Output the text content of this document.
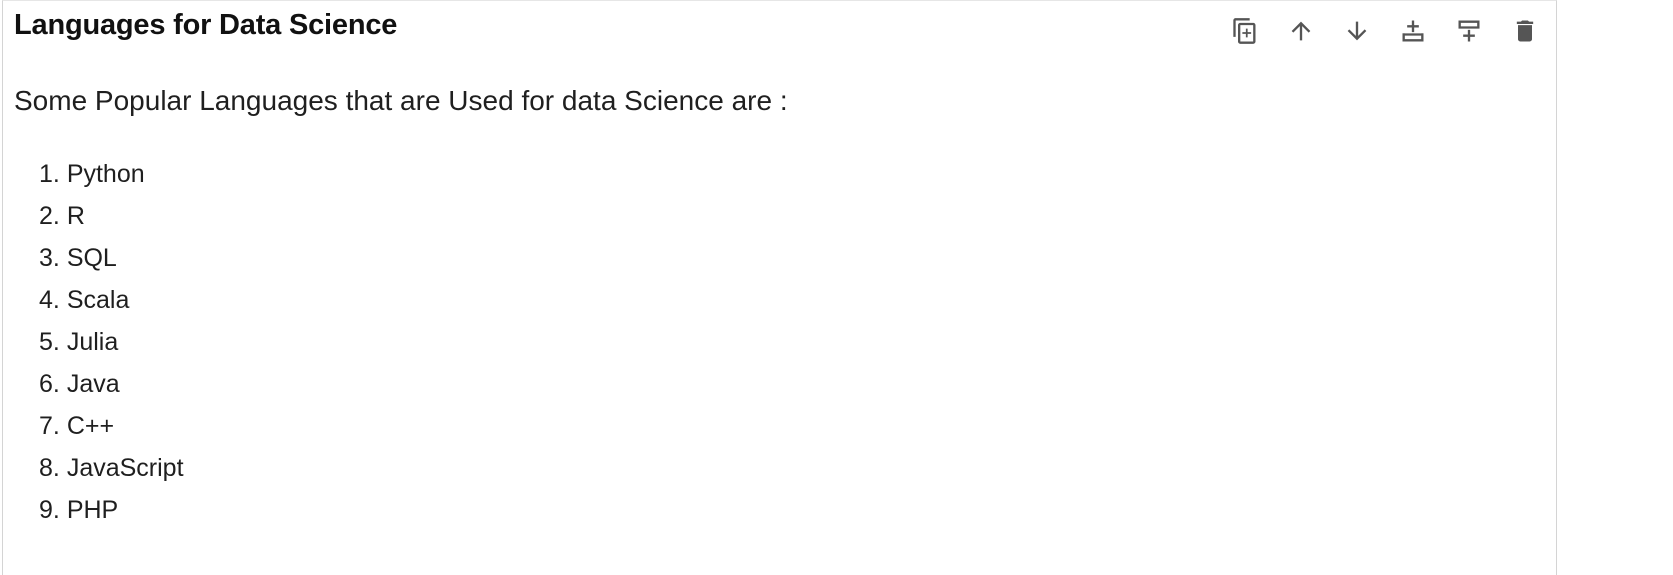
Languages for Data Science
Some Popular Languages that are Used for data Science are :
1. Python
2. R
3. SQL
4. Scala
5. Julia
6. Java
7. C++
8. JavaScript
9. PHP
